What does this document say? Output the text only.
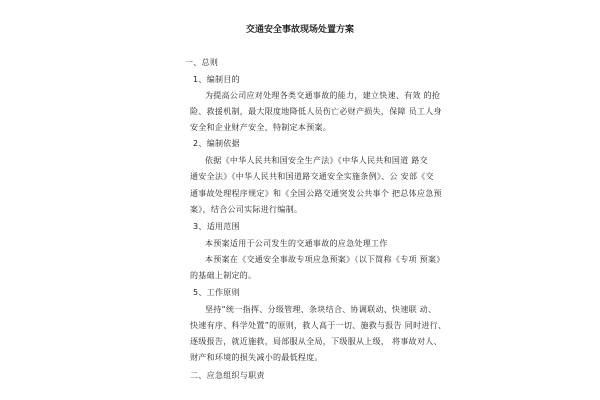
交通安全事故现场处置方案
一、总则
1、编制目的
为提高公司应对处理各类交通事故的能力，建立快速、有效 的抢
险、救援机制，最大限度地降低人员伤亡必财产损失，保障 员工人身
安全和企业财产安全，特制定本预案。
2、编制依据
依据《中华人民共和国安全生产法》《中华人民共和国道 路交
通安全法》《中华人民共和国道路交通安全实施条例》、公 安部《交
通事故处理程序规定》和《全国公路交通突发公共事个 把总体应急预
案》，结合公司实际进行编制。
3、适用范围
本预案适用于公司发生的交通事故的应急处理工作
本预案在《交通安全事故专项应急预案》（以下简称《专项 预案》
的基础上制定的。
5、工作原则
坚持“统一指挥、分级管理、条块结合、协调联动、快速联 动、
快速有序、科学处置”的原则，救人高于一切、施救与报告 同时进行、
逐级报告，就近施救，局部服从全局，下级服从上级， 将事故对人、
财产和环境的损失减小的最低程度。
二、应急组织与职责
